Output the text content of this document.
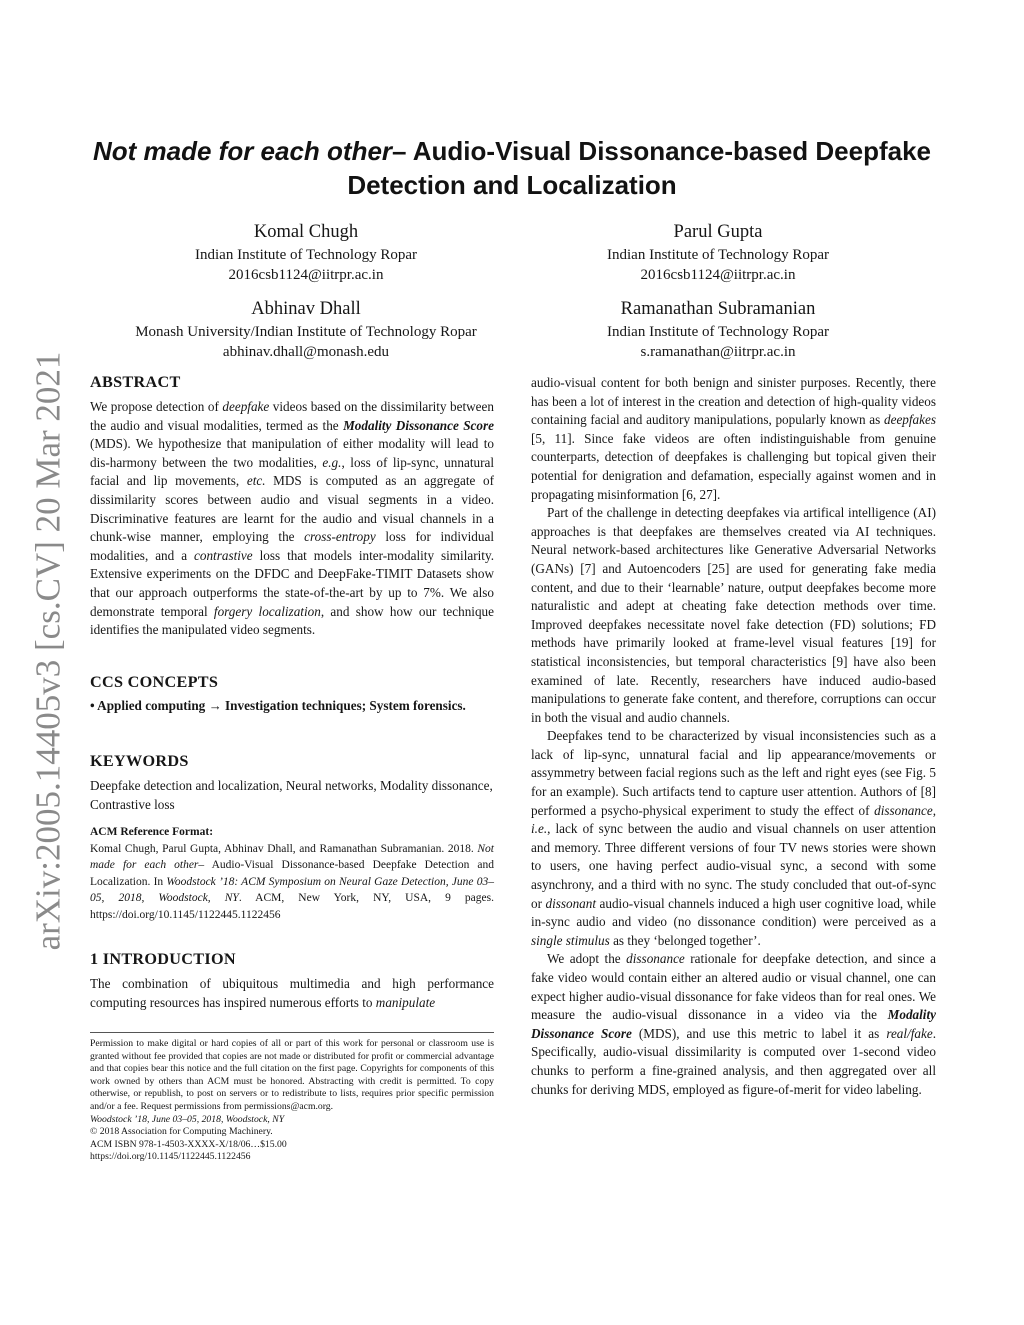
arXiv:2005.14405v3 [cs.CV] 20 Mar 2021
Not made for each other– Audio-Visual Dissonance-based Deepfake Detection and Localization
Komal Chugh
Indian Institute of Technology Ropar
2016csb1124@iitrpr.ac.in
Parul Gupta
Indian Institute of Technology Ropar
2016csb1124@iitrpr.ac.in
Abhinav Dhall
Monash University/Indian Institute of Technology Ropar
abhinav.dhall@monash.edu
Ramanathan Subramanian
Indian Institute of Technology Ropar
s.ramanathan@iitrpr.ac.in
ABSTRACT

We propose detection of deepfake videos based on the dissimilarity between the audio and visual modalities, termed as the Modality Dissonance Score (MDS). We hypothesize that manipulation of either modality will lead to dis-harmony between the two modalities, e.g., loss of lip-sync, unnatural facial and lip movements, etc. MDS is computed as an aggregate of dissimilarity scores between audio and visual segments in a video. Discriminative features are learnt for the audio and visual channels in a chunk-wise manner, employing the cross-entropy loss for individual modalities, and a contrastive loss that models inter-modality similarity. Extensive experiments on the DFDC and DeepFake-TIMIT Datasets show that our approach outperforms the state-of-the-art by up to 7%. We also demonstrate temporal forgery localization, and show how our technique identifies the manipulated video segments.

CCS CONCEPTS

• Applied computing → Investigation techniques; System forensics.

KEYWORDS

Deepfake detection and localization, Neural networks, Modality dissonance, Contrastive loss

ACM Reference Format:

Komal Chugh, Parul Gupta, Abhinav Dhall, and Ramanathan Subramanian. 2018. Not made for each other– Audio-Visual Dissonance-based Deepfake Detection and Localization. In Woodstock ’18: ACM Symposium on Neural Gaze Detection, June 03–05, 2018, Woodstock, NY. ACM, New York, NY, USA, 9 pages. https://doi.org/10.1145/1122445.1122456

1 INTRODUCTION

The combination of ubiquitous multimedia and high performance computing resources has inspired numerous efforts to manipulate

Permission to make digital or hard copies of all or part of this work for personal or classroom use is granted without fee provided that copies are not made or distributed for profit or commercial advantage and that copies bear this notice and the full citation on the first page. Copyrights for components of this work owned by others than ACM must be honored. Abstracting with credit is permitted. To copy otherwise, or republish, to post on servers or to redistribute to lists, requires prior specific permission and/or a fee. Request permissions from permissions@acm.org.

Woodstock ’18, June 03–05, 2018, Woodstock, NY
© 2018 Association for Computing Machinery.
ACM ISBN 978-1-4503-XXXX-X/18/06…$15.00
https://doi.org/10.1145/1122445.1122456

audio-visual content for both benign and sinister purposes. Recently, there has been a lot of interest in the creation and detection of high-quality videos containing facial and auditory manipulations, popularly known as deepfakes [5, 11]. Since fake videos are often indistinguishable from genuine counterparts, detection of deepfakes is challenging but topical given their potential for denigration and defamation, especially against women and in propagating misinformation [6, 27].

Part of the challenge in detecting deepfakes via artifical intelligence (AI) approaches is that deepfakes are themselves created via AI techniques. Neural network-based architectures like Generative Adversarial Networks (GANs) [7] and Autoencoders [25] are used for generating fake media content, and due to their ‘learnable’ nature, output deepfakes become more naturalistic and adept at cheating fake detection methods over time. Improved deepfakes necessitate novel fake detection (FD) solutions; FD methods have primarily looked at frame-level visual features [19] for statistical inconsistencies, but temporal characteristics [9] have also been examined of late. Recently, researchers have induced audio-based manipulations to generate fake content, and therefore, corruptions can occur in both the visual and audio channels.

Deepfakes tend to be characterized by visual inconsistencies such as a lack of lip-sync, unnatural facial and lip appearance/movements or assymmetry between facial regions such as the left and right eyes (see Fig. 5 for an example). Such artifacts tend to capture user attention. Authors of [8] performed a psycho-physical experiment to study the effect of dissonance, i.e., lack of sync between the audio and visual channels on user attention and memory. Three different versions of four TV news stories were shown to users, one having perfect audio-visual sync, a second with some asynchrony, and a third with no sync. The study concluded that out-of-sync or dissonant audio-visual channels induced a high user cognitive load, while in-sync audio and video (no dissonance condition) were perceived as a single stimulus as they ‘belonged together’.

We adopt the dissonance rationale for deepfake detection, and since a fake video would contain either an altered audio or visual channel, one can expect higher audio-visual dissonance for fake videos than for real ones. We measure the audio-visual dissonance in a video via the Modality Dissonance Score (MDS), and use this metric to label it as real/fake. Specifically, audio-visual dissimilarity is computed over 1-second video chunks to perform a fine-grained analysis, and then aggregated over all chunks for deriving MDS, employed as figure-of-merit for video labeling.
